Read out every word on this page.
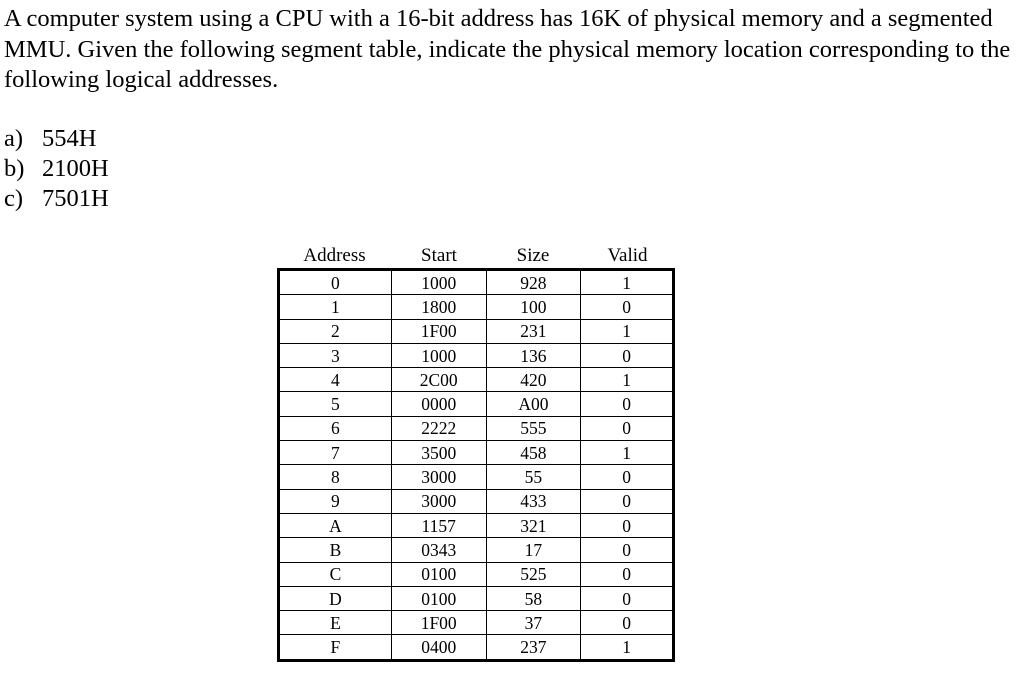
A computer system using a CPU with a 16-bit address has 16K of physical memory and a segmented MMU. Given the following segment table, indicate the physical memory location corresponding to the following logical addresses.

a) 554H
b) 2100H
c) 7501H
Address	Start	Size	Valid
0	1000	928	1
1	1800	100	0
2	1F00	231	1
3	1000	136	0
4	2C00	420	1
5	0000	A00	0
6	2222	555	0
7	3500	458	1
8	3000	55	0
9	3000	433	0
A	1157	321	0
B	0343	17	0
C	0100	525	0
D	0100	58	0
E	1F00	37	0
F	0400	237	1
